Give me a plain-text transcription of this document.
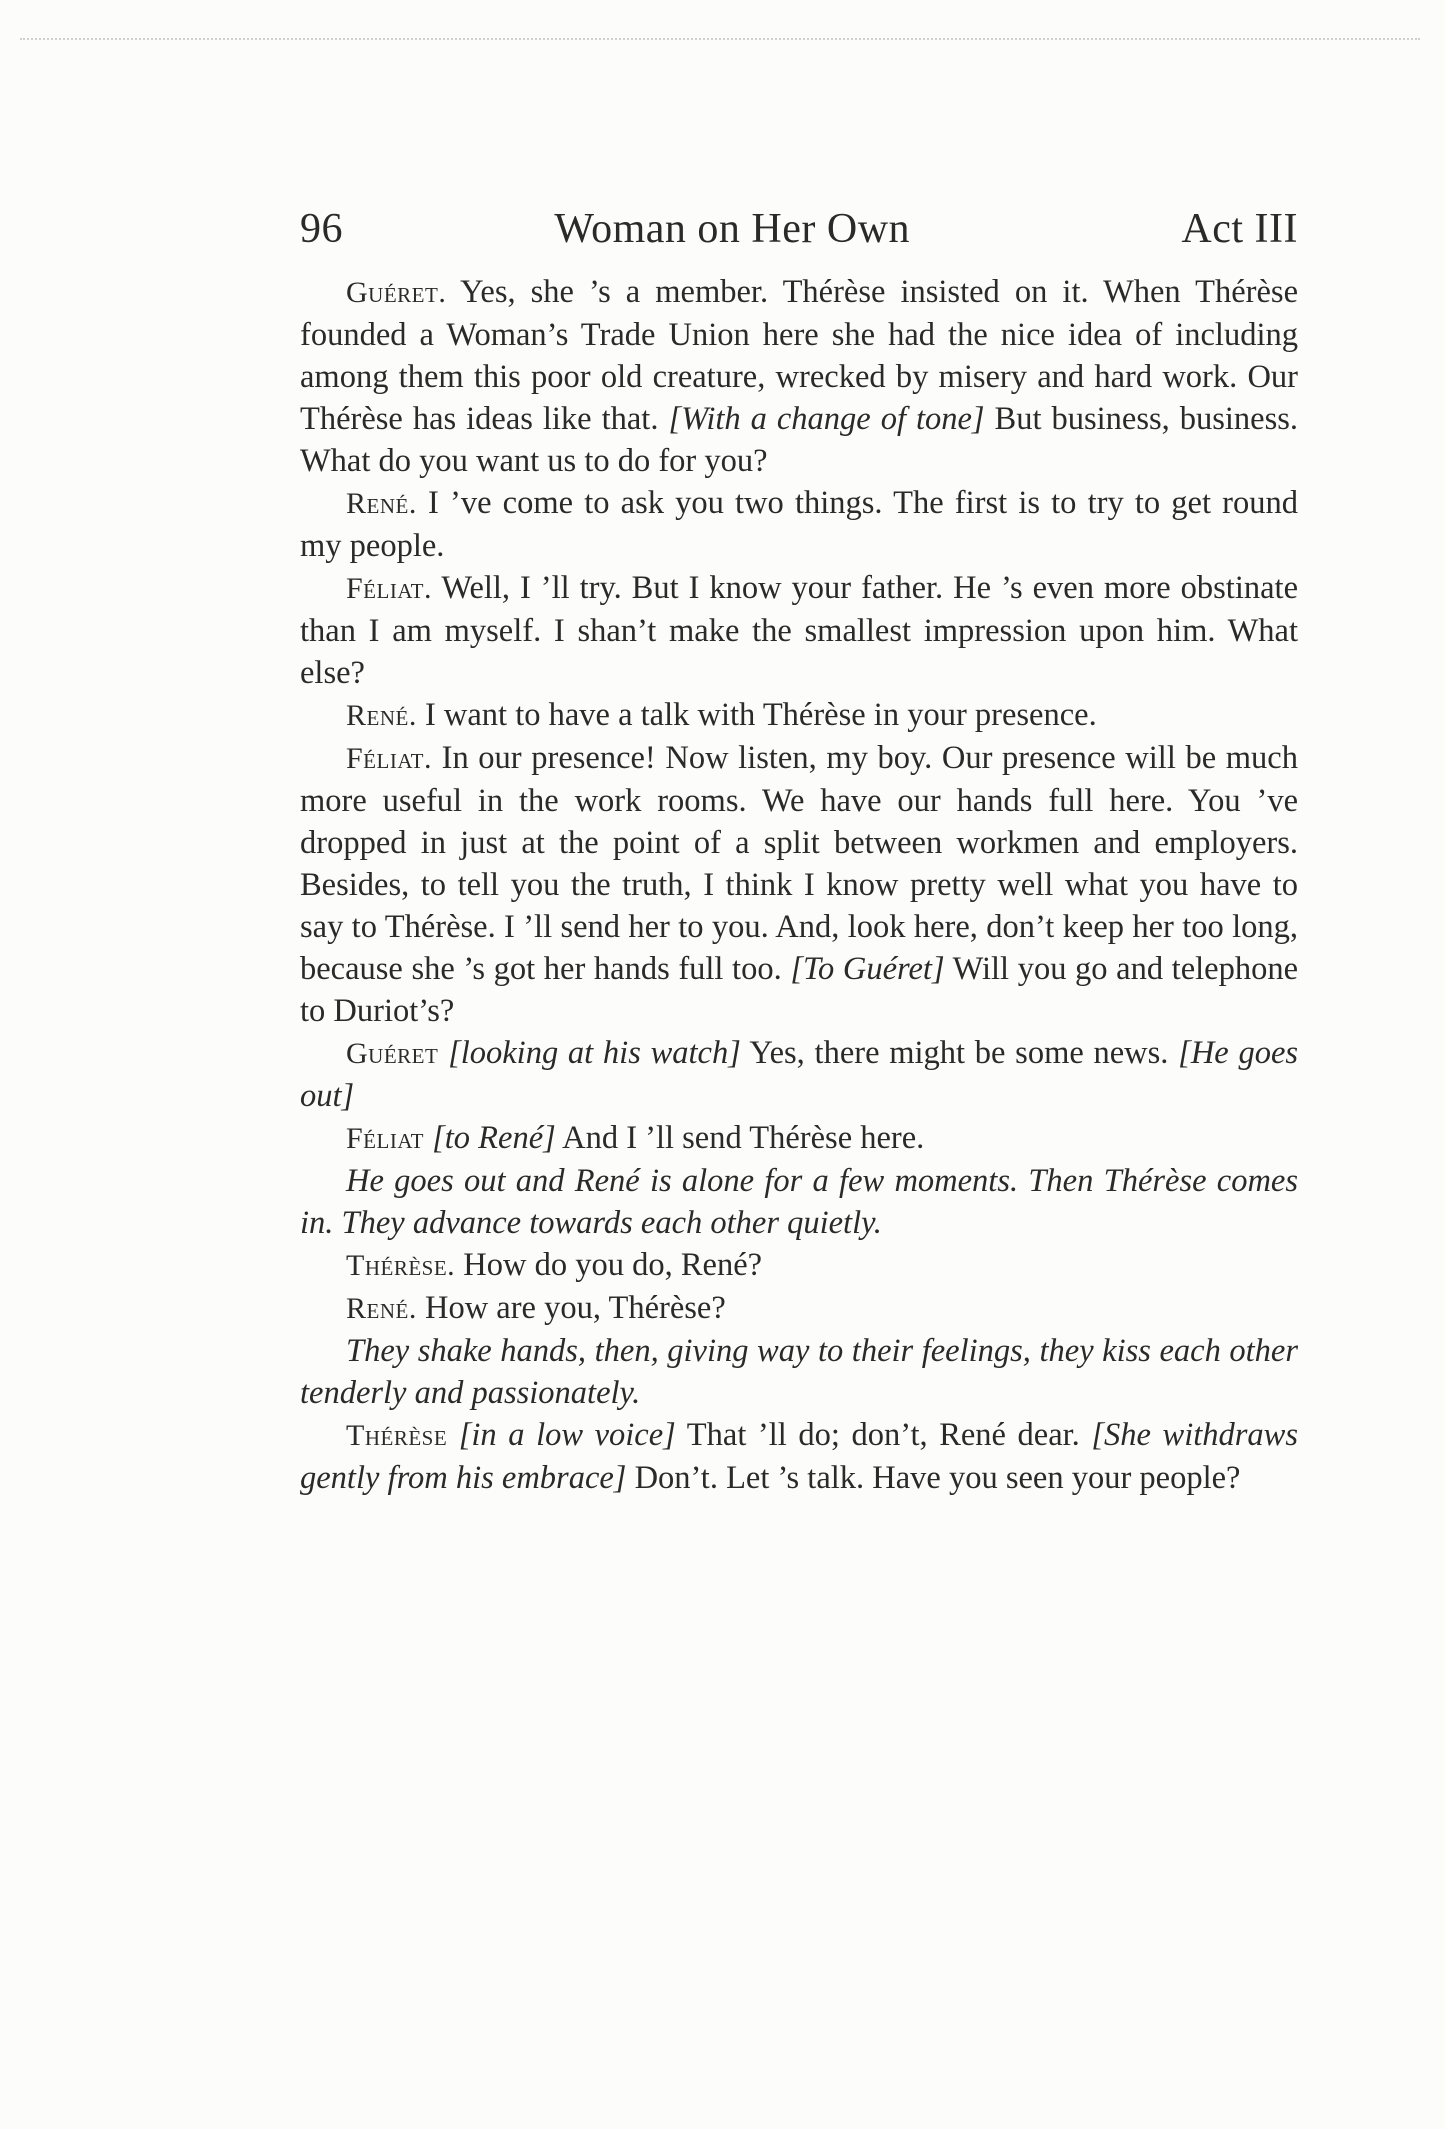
96	Woman on Her Own	Act III

Guéret. Yes, she ’s a member. Thérèse insisted on it. When Thérèse founded a Woman’s Trade Union here she had the nice idea of including among them this poor old creature, wrecked by misery and hard work. Our Thérèse has ideas like that. [With a change of tone] But business, business. What do you want us to do for you?

René. I ’ve come to ask you two things. The first is to try to get round my people.

Féliat. Well, I ’ll try. But I know your father. He ’s even more obstinate than I am myself. I shan’t make the smallest impression upon him. What else?

René. I want to have a talk with Thérèse in your presence.

Féliat. In our presence! Now listen, my boy. Our presence will be much more useful in the work rooms. We have our hands full here. You ’ve dropped in just at the point of a split between workmen and employers. Besides, to tell you the truth, I think I know pretty well what you have to say to Thérèse. I ’ll send her to you. And, look here, don’t keep her too long, because she ’s got her hands full too. [To Guéret] Will you go and telephone to Duriot’s?

Guéret [looking at his watch] Yes, there might be some news. [He goes out]

Féliat [to René] And I ’ll send Thérèse here.

He goes out and René is alone for a few moments. Then Thérèse comes in. They advance towards each other quietly.

Thérèse. How do you do, René?

René. How are you, Thérèse?

They shake hands, then, giving way to their feelings, they kiss each other tenderly and passionately.

Thérèse [in a low voice] That ’ll do; don’t, René dear. [She withdraws gently from his embrace] Don’t. Let ’s talk. Have you seen your people?
